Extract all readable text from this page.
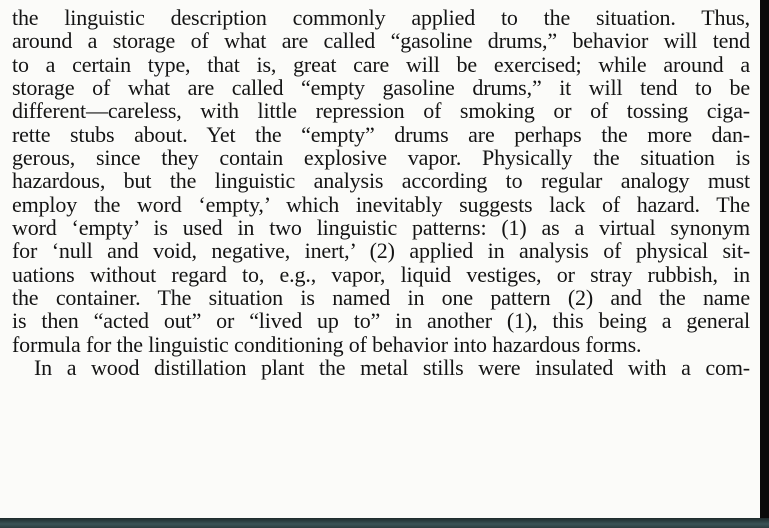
the linguistic description commonly applied to the situation. Thus,
around a storage of what are called “gasoline drums,” behavior will tend
to a certain type, that is, great care will be exercised; while around a
storage of what are called “empty gasoline drums,” it will tend to be
different—careless, with little repression of smoking or of tossing ciga-
rette stubs about. Yet the “empty” drums are perhaps the more dan-
gerous, since they contain explosive vapor. Physically the situation is
hazardous, but the linguistic analysis according to regular analogy must
employ the word ‘empty,’ which inevitably suggests lack of hazard. The
word ‘empty’ is used in two linguistic patterns: (1) as a virtual synonym
for ‘null and void, negative, inert,’ (2) applied in analysis of physical sit-
uations without regard to, e.g., vapor, liquid vestiges, or stray rubbish, in
the container. The situation is named in one pattern (2) and the name
is then “acted out” or “lived up to” in another (1), this being a general
formula for the linguistic conditioning of behavior into hazardous forms.
In a wood distillation plant the metal stills were insulated with a com-
